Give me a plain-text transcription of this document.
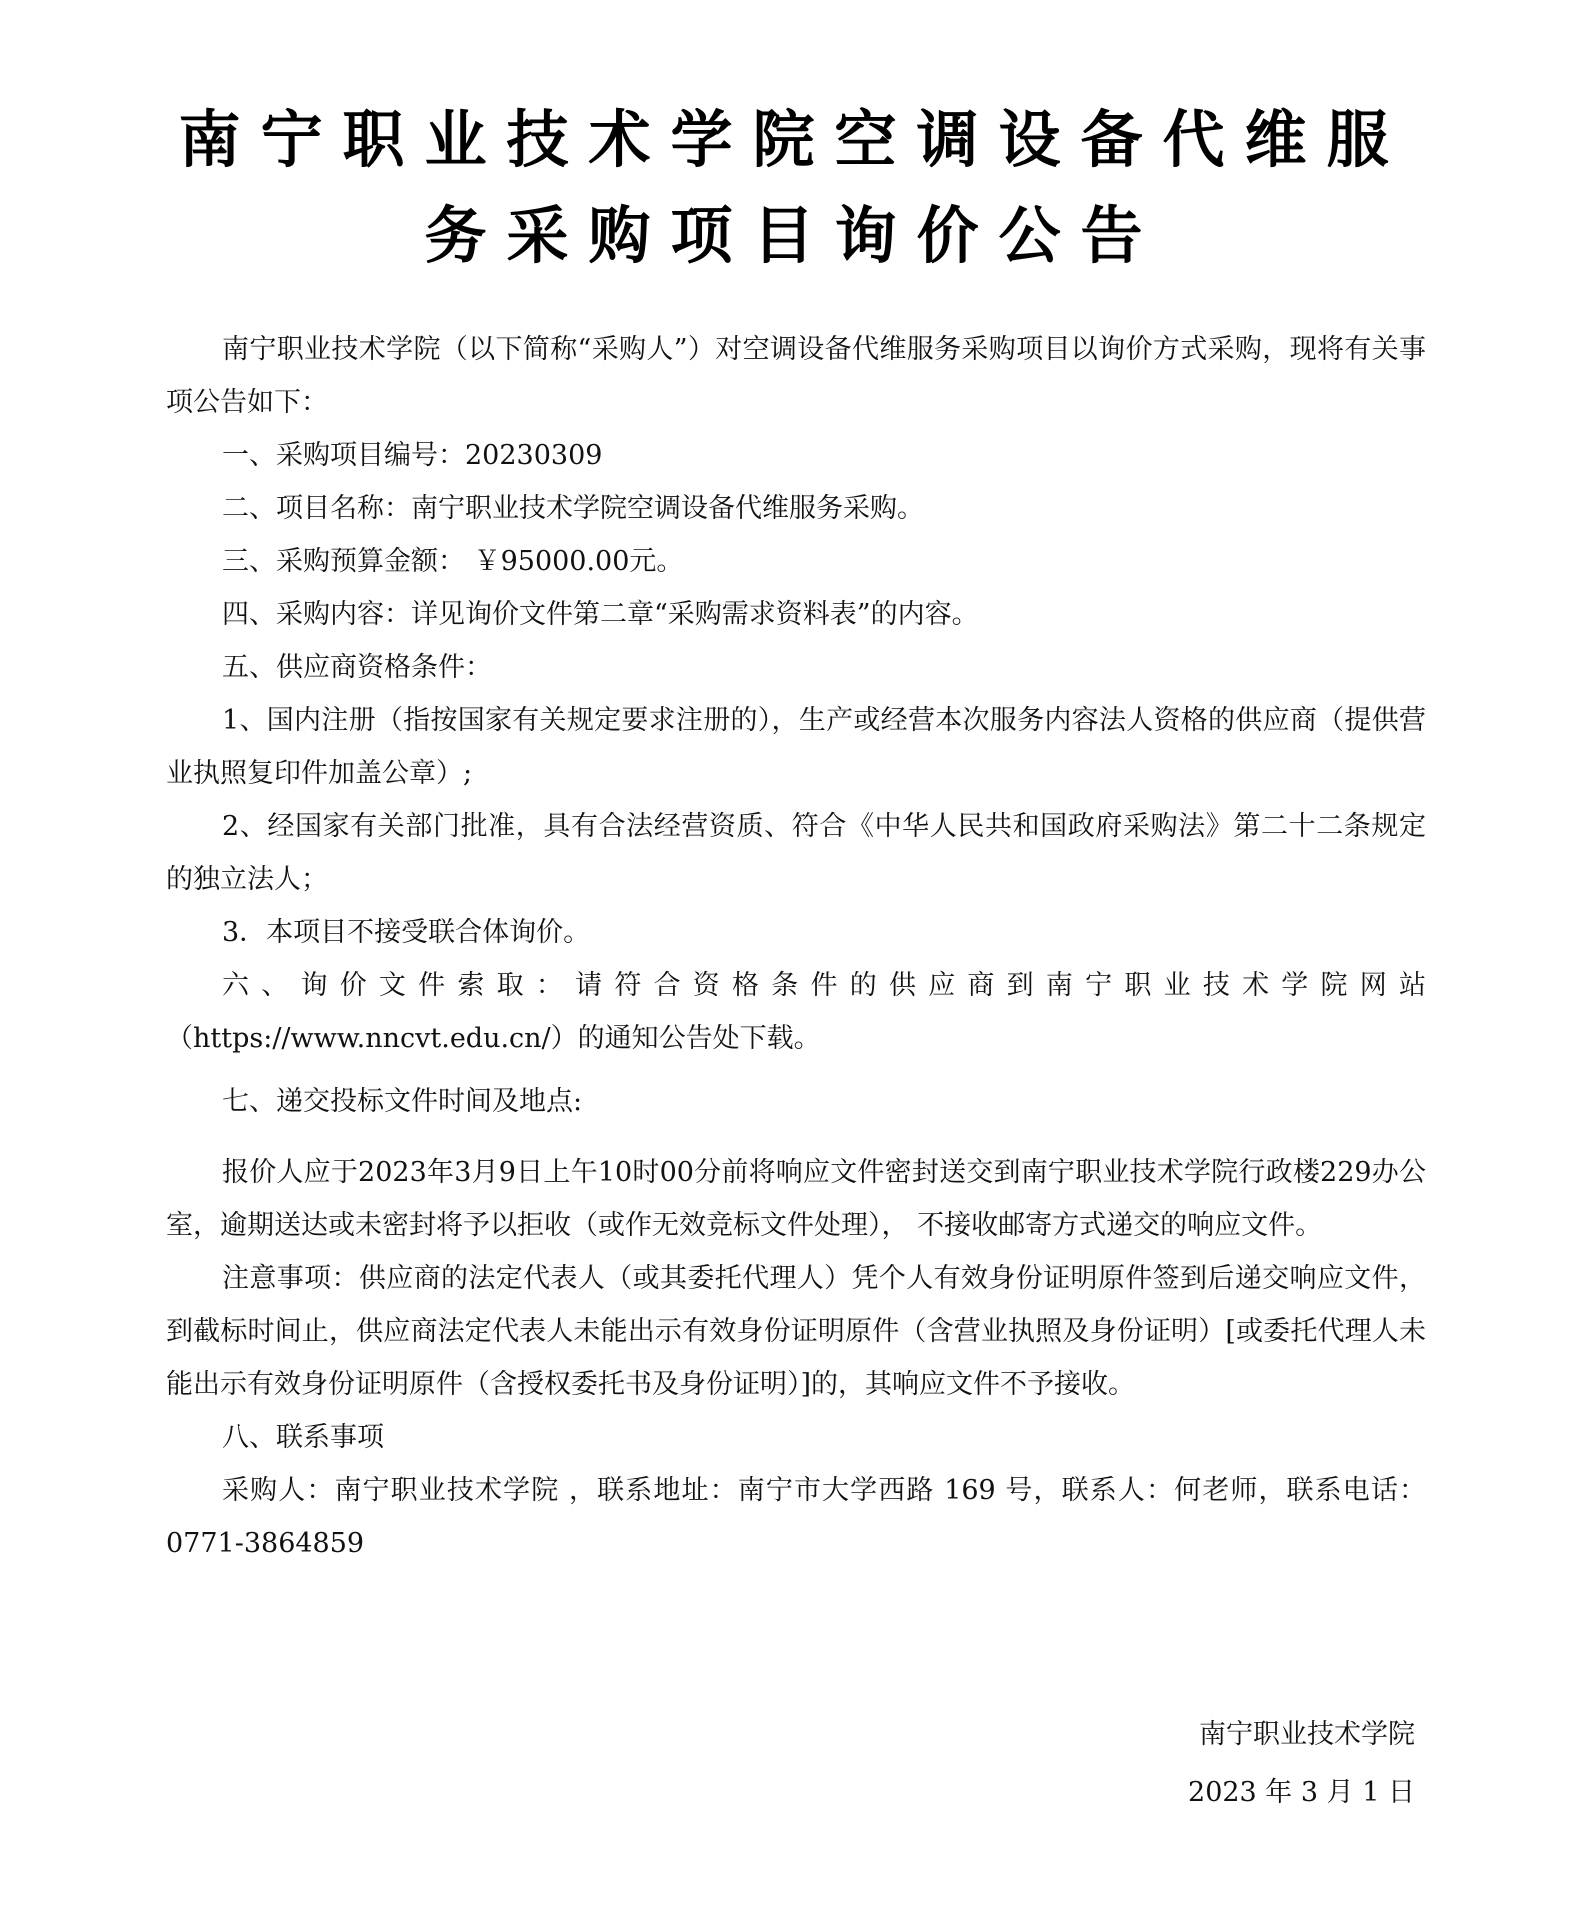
南宁职业技术学院空调设备代维服
务采购项目询价公告

南宁职业技术学院（以下简称“采购人”）对空调设备代维服务采购项目以询价方式采购，现将有关事项公告如下：

一、采购项目编号：20230309

二、项目名称：南宁职业技术学院空调设备代维服务采购。

三、采购预算金额： ￥95000.00元。

四、采购内容：详见询价文件第二章“采购需求资料表”的内容。

五、供应商资格条件：

1、国内注册（指按国家有关规定要求注册的），生产或经营本次服务内容法人资格的供应商（提供营业执照复印件加盖公章）;

2、经国家有关部门批准，具有合法经营资质、符合《中华人民共和国政府采购法》第二十二条规定的独立法人；

3．本项目不接受联合体询价。

六、询价文件索取：请符合资格条件的供应商到南宁职业技术学院网站（https://www.nncvt.edu.cn/）的通知公告处下载。

七、递交投标文件时间及地点:

报价人应于2023年3月9日上午10时00分前将响应文件密封送交到南宁职业技术学院行政楼229办公室，逾期送达或未密封将予以拒收（或作无效竞标文件处理）， 不接收邮寄方式递交的响应文件。

注意事项：供应商的法定代表人（或其委托代理人）凭个人有效身份证明原件签到后递交响应文件，到截标时间止，供应商法定代表人未能出示有效身份证明原件（含营业执照及身份证明）[或委托代理人未能出示有效身份证明原件（含授权委托书及身份证明）]的，其响应文件不予接收。

八、联系事项

采购人：南宁职业技术学院 ，联系地址：南宁市大学西路 169 号，联系人：何老师，联系电话：0771-3864859

南宁职业技术学院
2023 年 3 月 1 日
